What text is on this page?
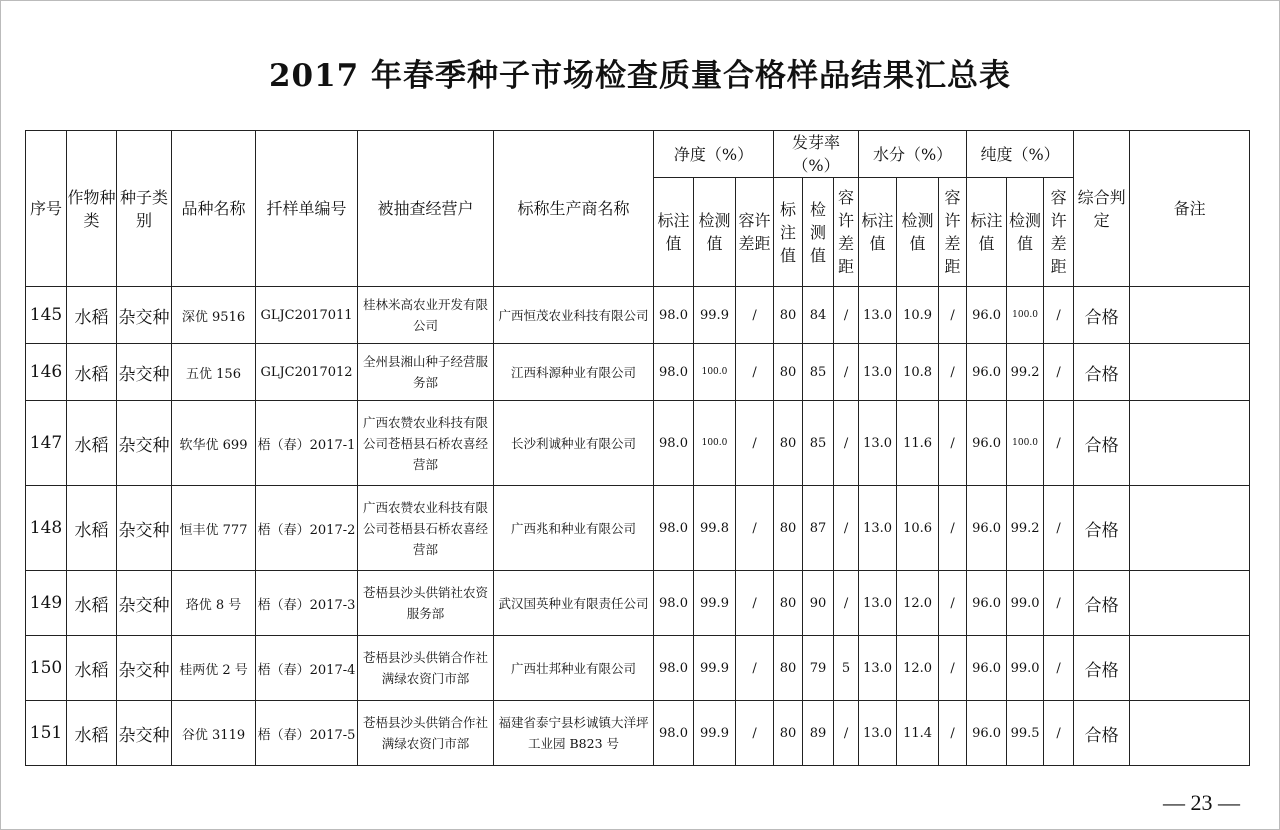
2017 年春季种子市场检查质量合格样品结果汇总表
序号	作物种类	种子类别	品种名称	扦样单编号	被抽查经营户	标称生产商名称	净度（%）			发芽率（%）			水分（%）			纯度（%）			综合判定	备注
							标注值	检测值	容许差距	标注值	检测值	容许差距	标注值	检测值	容许差距	标注值	检测值	容许差距		
145	水稻	杂交种	深优 9516	GLJC2017011	桂林米高农业开发有限公司	广西恒茂农业科技有限公司	98.0	99.9	/	80	84	/	13.0	10.9	/	96.0	100.0	/	合格	
146	水稻	杂交种	五优 156	GLJC2017012	全州县湘山种子经营服务部	江西科源种业有限公司	98.0	100.0	/	80	85	/	13.0	10.8	/	96.0	99.2	/	合格	
147	水稻	杂交种	软华优 699	梧（春）2017-1	广西农赞农业科技有限公司苍梧县石桥农喜经营部	长沙利诚种业有限公司	98.0	100.0	/	80	85	/	13.0	11.6	/	96.0	100.0	/	合格	
148	水稻	杂交种	恒丰优 777	梧（春）2017-2	广西农赞农业科技有限公司苍梧县石桥农喜经营部	广西兆和种业有限公司	98.0	99.8	/	80	87	/	13.0	10.6	/	96.0	99.2	/	合格	
149	水稻	杂交种	珞优 8 号	梧（春）2017-3	苍梧县沙头供销社农资服务部	武汉国英种业有限责任公司	98.0	99.9	/	80	90	/	13.0	12.0	/	96.0	99.0	/	合格	
150	水稻	杂交种	桂两优 2 号	梧（春）2017-4	苍梧县沙头供销合作社满绿农资门市部	广西壮邦种业有限公司	98.0	99.9	/	80	79	5	13.0	12.0	/	96.0	99.0	/	合格	
151	水稻	杂交种	谷优 3119	梧（春）2017-5	苍梧县沙头供销合作社满绿农资门市部	福建省泰宁县杉诚镇大洋坪工业园 B823 号	98.0	99.9	/	80	89	/	13.0	11.4	/	96.0	99.5	/	合格	
— 23 —
